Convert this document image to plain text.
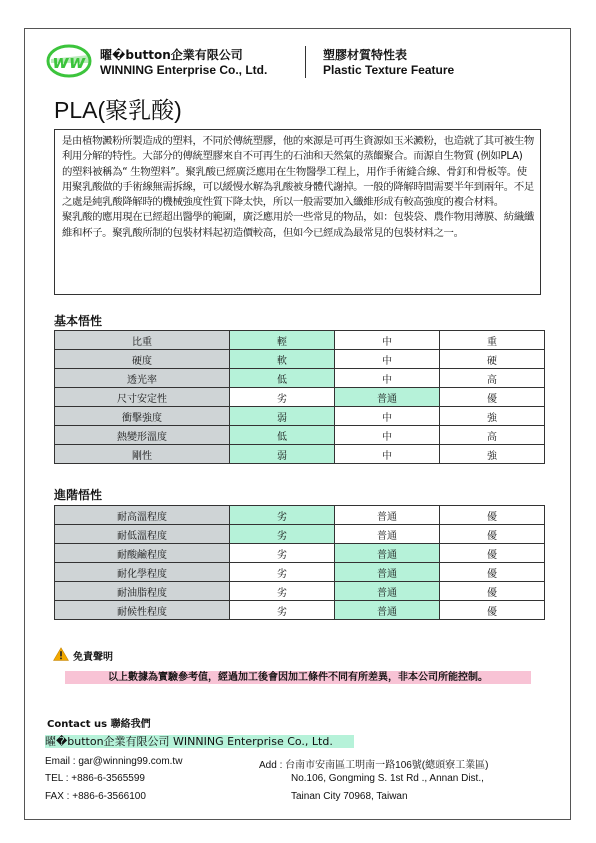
ww 曜�button企業有限公司
WINNING Enterprise Co., Ltd.
塑膠材質特性表
Plastic Texture Feature
PLA(聚乳酸)

是由植物澱粉所製造成的塑料，不同於傳統塑膠，他的來源是可再生資源如玉米澱粉，也造就了其可被生物利用分解的特性。大部分的傳統塑膠來自不可再生的石油和天然氣的蒸餾聚合。而源自生物質 (例如PLA) 的塑料被稱為“ 生物塑料”。聚乳酸已經廣泛應用在生物醫學工程上，用作手術縫合線、骨釘和骨板等。使用聚乳酸做的手術線無需拆線，可以緩慢水解為乳酸被身體代謝掉。一般的降解時間需要半年到兩年。不足之處是純乳酸降解時的機械強度性質下降太快，所以一般需要加入纖維形成有較高強度的複合材料。
聚乳酸的應用現在已經超出醫學的範圍，廣泛應用於一些常見的物品，如：包裝袋、農作物用薄膜、紡織纖維和杯子。聚乳酸所制的包裝材料起初造價較高，但如今已經成為最常見的包裝材料之一。

基本悟性
比重	輕	中	重
硬度	軟	中	硬
透光率	低	中	高
尺寸安定性	劣	普通	優
衝擊強度	弱	中	強
熱變形溫度	低	中	高
剛性	弱	中	強
進階悟性
耐高溫程度	劣	普通	優
耐低溫程度	劣	普通	優
耐酸鹼程度	劣	普通	優
耐化學程度	劣	普通	優
耐油脂程度	劣	普通	優
耐候性程度	劣	普通	優
免責聲明
以上數據為實驗參考值，經過加工後會因加工條件不同有所差異，非本公司所能控制。
Contact us 聯絡我們
曜�button企業有限公司 WINNING Enterprise Co., Ltd.
Email : gar@winning99.com.tw
TEL : +886-6-3565599
FAX : +886-6-3566100
Add : 台南市安南區工明南一路106號(總頭寮工業區)
No.106, Gongming S. 1st Rd ., Annan Dist.,
Tainan City 70968, Taiwan
